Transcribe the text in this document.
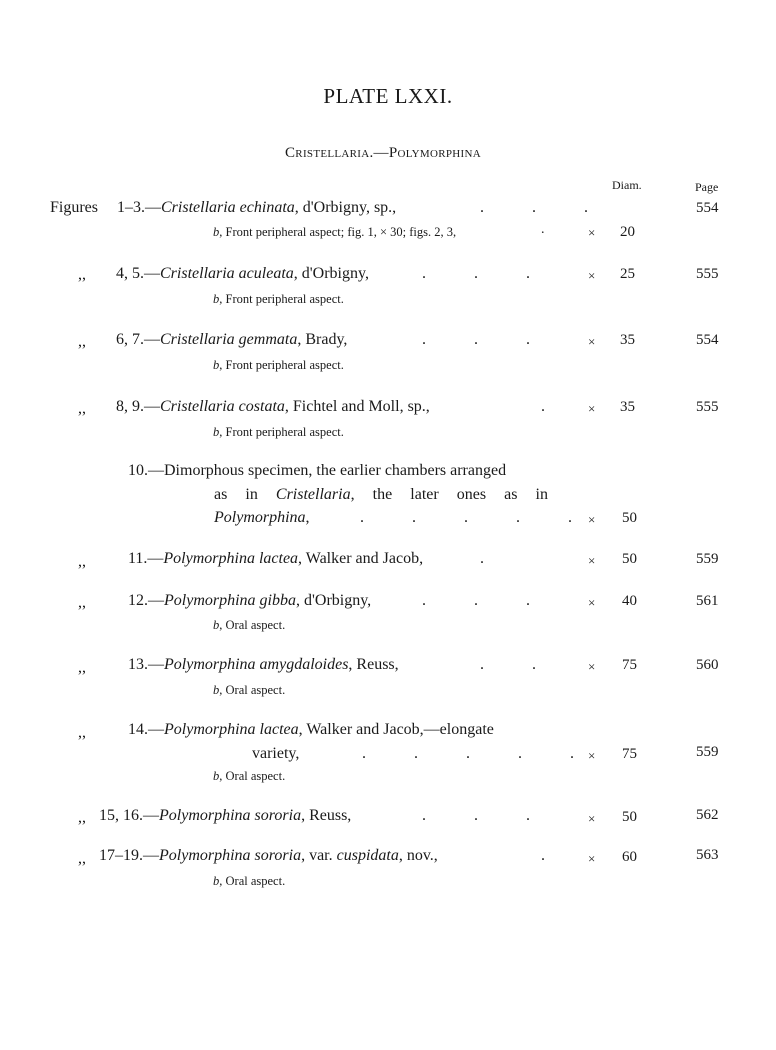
PLATE LXXI.
Cristellaria.—Polymorphina
Diam.	Page
Figures 1–3.—Cristellaria echinata, d'Orbigny, sp.,	.            .            .	554
b, Front peripheral aspect; fig. 1, × 30; figs. 2, 3,	.	× 20
,, 4, 5.—Cristellaria aculeata, d'Orbigny,	.            .            .	× 25	555
b, Front peripheral aspect.
,, 6, 7.—Cristellaria gemmata, Brady,	.            .            .	× 35	554
b, Front peripheral aspect.
,, 8, 9.—Cristellaria costata, Fichtel and Moll, sp.,	.	× 35	555
b, Front peripheral aspect.
10.—Dimorphous specimen, the earlier chambers arranged
as in Cristellaria, the later ones as in
Polymorphina,	.            .            .            .            . × 50
,,	11.—Polymorphina lactea, Walker and Jacob,	.	× 50	559
,,	12.—Polymorphina gibba, d'Orbigny,	.            .            .	× 40	561
b, Oral aspect.
,,	13.—Polymorphina amygdaloides, Reuss,	.            .	× 75	560
b, Oral aspect.
,,	14.—Polymorphina lactea, Walker and Jacob,—elongate
variety,	.            .            .            .            . × 75	559
b, Oral aspect.
,, 15, 16.—Polymorphina sororia, Reuss,	.            .            .	× 50	562
,, 17–19.—Polymorphina sororia, var. cuspidata, nov.,	.	× 60	563
b, Oral aspect.
